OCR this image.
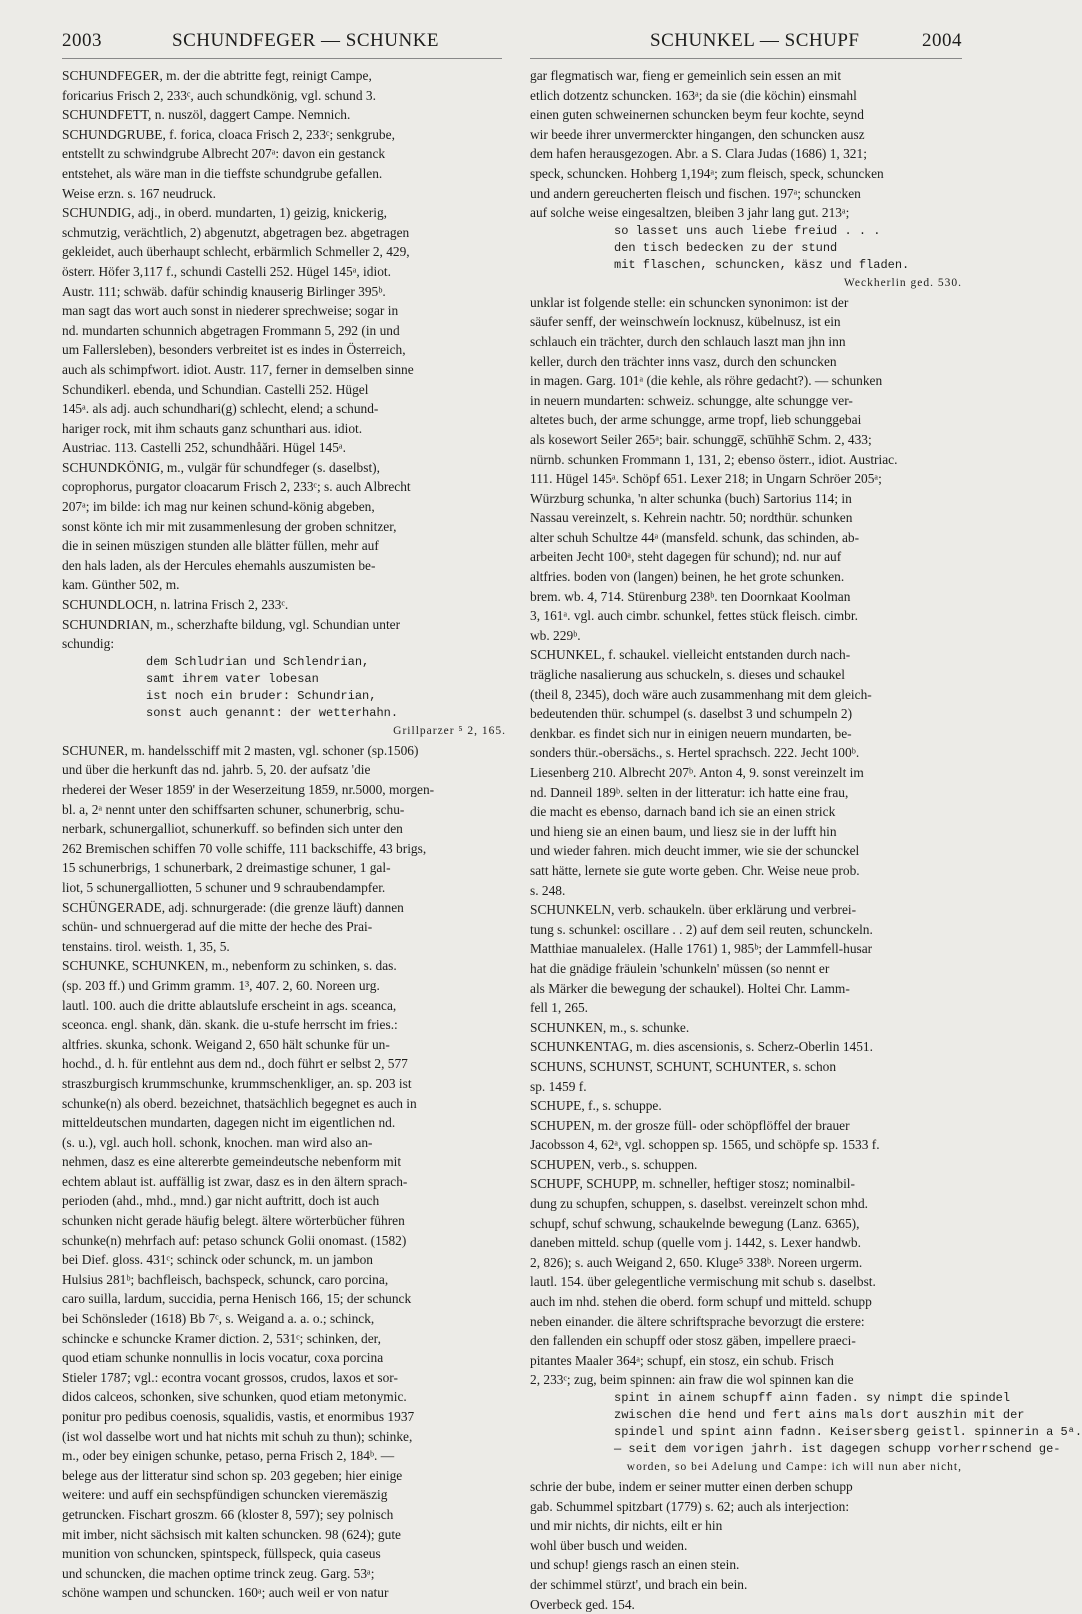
2003	SCHUNDFEGER — SCHUNKE	SCHUNKEL — SCHUPF	2004
SCHUNDFEGER, m. der die abtritte fegt, reinigt Campe,
foricarius Frisch 2, 233ᶜ, auch schundkönig, vgl. schund 3.
SCHUNDFETT, n. nuszöl, daggert Campe. Nemnich.
SCHUNDGRUBE, f. forica, cloaca Frisch 2, 233ᶜ; senkgrube,
entstellt zu schwindgrube Albrecht 207ᵃ: davon ein gestanck
entstehet, als wäre man in die tieffste schundgrube gefallen.
Weise erzn. s. 167 neudruck.
SCHUNDIG, adj., in oberd. mundarten, 1) geizig, knickerig,
schmutzig, verächtlich, 2) abgenutzt, abgetragen bez. abgetragen
gekleidet, auch überhaupt schlecht, erbärmlich Schmeller 2, 429,
österr. Höfer 3,117 f., schundi Castelli 252. Hügel 145ᵃ, idiot.
Austr. 111; schwäb. dafür schindig knauserig Birlinger 395ᵇ.
man sagt das wort auch sonst in niederer sprechweise; sogar in
nd. mundarten schunnich abgetragen Frommann 5, 292 (in und
um Fallersleben), besonders verbreitet ist es indes in Österreich,
auch als schimpfwort. idiot. Austr. 117, ferner in demselben sinne
Schundikerl. ebenda, und Schundian. Castelli 252. Hügel
145ᵃ. als adj. auch schundhari(g) schlecht, elend; a schund-
hariger rock, mit ihm schauts ganz schunthari aus. idiot.
Austriac. 113. Castelli 252, schundhåări. Hügel 145ᵃ.
SCHUNDKÖNIG, m., vulgär für schundfeger (s. daselbst),
coprophorus, purgator cloacarum Frisch 2, 233ᶜ; s. auch Albrecht
207ᵃ; im bilde: ich mag nur keinen schund-könig abgeben,
sonst könte ich mir mit zusammenlesung der groben schnitzer,
die in seinen müszigen stunden alle blätter füllen, mehr auf
den hals laden, als der Hercules ehemahls auszumisten be-
kam. Günther 502, m.
SCHUNDLOCH, n. latrina Frisch 2, 233ᶜ.
SCHUNDRIAN, m., scherzhafte bildung, vgl. Schundian unter
schundig:
dem Schludrian und Schlendrian,
samt ihrem vater lobesan
ist noch ein bruder: Schundrian,
sonst auch genannt: der wetterhahn.
Grillparzer ⁵ 2, 165.
SCHUNER, m. handelsschiff mit 2 masten, vgl. schoner (sp.1506)
und über die herkunft das nd. jahrb. 5, 20. der aufsatz 'die
rhederei der Weser 1859' in der Weserzeitung 1859, nr.5000, morgen-
bl. a, 2ᵃ nennt unter den schiffsarten schuner, schunerbrig, schu-
nerbark, schunergalliot, schunerkuff. so befinden sich unter den
262 Bremischen schiffen 70 volle schiffe, 111 backschiffe, 43 brigs,
15 schunerbrigs, 1 schunerbark, 2 dreimastige schuner, 1 gal-
liot, 5 schunergalliotten, 5 schuner und 9 schraubendampfer.
SCHÜNGERADE, adj. schnurgerade: (die grenze läuft) dannen
schün- und schnuergerad auf die mitte der heche des Prai-
tenstains. tirol. weisth. 1, 35, 5.
SCHUNKE, SCHUNKEN, m., nebenform zu schinken, s. das.
(sp. 203 ff.) und Grimm gramm. 1³, 407. 2, 60. Noreen urg.
lautl. 100. auch die dritte ablautslufe erscheint in ags. sceanca,
sceonca. engl. shank, dän. skank. die u-stufe herrscht im fries.:
altfries. skunka, schonk. Weigand 2, 650 hält schunke für un-
hochd., d. h. für entlehnt aus dem nd., doch führt er selbst 2, 577
straszburgisch krummschunke, krummschenkliger, an. sp. 203 ist
schunke(n) als oberd. bezeichnet, thatsächlich begegnet es auch in
mitteldeutschen mundarten, dagegen nicht im eigentlichen nd.
(s. u.), vgl. auch holl. schonk, knochen. man wird also an-
nehmen, dasz es eine altererbte gemeindeutsche nebenform mit
echtem ablaut ist. auffällig ist zwar, dasz es in den ältern sprach-
perioden (ahd., mhd., mnd.) gar nicht auftritt, doch ist auch
schunken nicht gerade häufig belegt. ältere wörterbücher führen
schunke(n) mehrfach auf: petaso schunck Golii onomast. (1582)
bei Dief. gloss. 431ᶜ; schinck oder schunck, m. un jambon
Hulsius 281ᵇ; bachfleisch, bachspeck, schunck, caro porcina,
caro suilla, lardum, succidia, perna Henisch 166, 15; der schunck
bei Schönsleder (1618) Bb 7ᶜ, s. Weigand a. a. o.; schinck,
schincke e schuncke Kramer diction. 2, 531ᶜ; schinken, der,
quod etiam schunke nonnullis in locis vocatur, coxa porcina
Stieler 1787; vgl.: econtra vocant grossos, crudos, laxos et sor-
didos calceos, schonken, sive schunken, quod etiam metonymic.
ponitur pro pedibus coenosis, squalidis, vastis, et enormibus 1937
(ist wol dasselbe wort und hat nichts mit schuh zu thun); schinke,
m., oder bey einigen schunke, petaso, perna Frisch 2, 184ᵇ. —
belege aus der litteratur sind schon sp. 203 gegeben; hier einige
weitere: und auff ein sechspfündigen schuncken vieremäszig
getruncken. Fischart groszm. 66 (kloster 8, 597); sey polnisch
mit imber, nicht sächsisch mit kalten schuncken. 98 (624); gute
munition von schuncken, spintspeck, füllspeck, quia caseus
und schuncken, die machen optime trinck zeug. Garg. 53ᵃ;
schöne wampen und schuncken. 160ᵃ; auch weil er von natur
gar flegmatisch war, fieng er gemeinlich sein essen an mit
etlich dotzentz schuncken. 163ᵃ; da sie (die köchin) einsmahl
einen guten schweinernen schuncken beym feur kochte, seynd
wir beede ihrer unvermerckter hingangen, den schuncken ausz
dem hafen herausgezogen. Abr. a S. Clara Judas (1686) 1, 321;
speck, schuncken. Hohberg 1,194ᵃ; zum fleisch, speck, schuncken
und andern gereucherten fleisch und fischen. 197ᵃ; schuncken
auf solche weise eingesaltzen, bleiben 3 jahr lang gut. 213ᵃ;
so lasset uns auch liebe freiud . . .
den tisch bedecken zu der stund
mit flaschen, schuncken, käsz und fladen.
Weckherlin ged. 530.
unklar ist folgende stelle: ein schuncken synonimon: ist der
säufer senff, der weinschweín locknusz, kübelnusz, ist ein
schlauch ein trächter, durch den schlauch laszt man jhn inn
keller, durch den trächter inns vasz, durch den schuncken
in magen. Garg. 101ᵃ (die kehle, als röhre gedacht?). — schunken
in neuern mundarten: schweiz. schungge, alte schungge ver-
altetes buch, der arme schungge, arme tropf, lieb schunggebai
als kosewort Seiler 265ᵃ; bair. schungge̅, schu̅hhe̅ Schm. 2, 433;
nürnb. schunken Frommann 1, 131, 2; ebenso österr., idiot. Austriac.
111. Hügel 145ᵃ. Schöpf 651. Lexer 218; in Ungarn Schröer 205ᵃ;
Würzburg schunka, 'n alter schunka (buch) Sartorius 114; in
Nassau vereinzelt, s. Kehrein nachtr. 50; nordthür. schunken
alter schuh Schultze 44ᵃ (mansfeld. schunk, das schinden, ab-
arbeiten Jecht 100ᵃ, steht dagegen für schund); nd. nur auf
altfries. boden von (langen) beinen, he het grote schunken.
brem. wb. 4, 714. Stürenburg 238ᵇ. ten Doornkaat Koolman
3, 161ᵃ. vgl. auch cimbr. schunkel, fettes stück fleisch. cimbr.
wb. 229ᵇ.
SCHUNKEL, f. schaukel. vielleicht entstanden durch nach-
trägliche nasalierung aus schuckeln, s. dieses und schaukel
(theil 8, 2345), doch wäre auch zusammenhang mit dem gleich-
bedeutenden thür. schumpel (s. daselbst 3 und schumpeln 2)
denkbar. es findet sich nur in einigen neuern mundarten, be-
sonders thür.-obersächs., s. Hertel sprachsch. 222. Jecht 100ᵇ.
Liesenberg 210. Albrecht 207ᵇ. Anton 4, 9. sonst vereinzelt im
nd. Danneil 189ᵇ. selten in der litteratur: ich hatte eine frau,
die macht es ebenso, darnach band ich sie an einen strick
und hieng sie an einen baum, und liesz sie in der lufft hin
und wieder fahren. mich deucht immer, wie sie der schunckel
satt hätte, lernete sie gute worte geben. Chr. Weise neue prob.
s. 248.
SCHUNKELN, verb. schaukeln. über erklärung und verbrei-
tung s. schunkel: oscillare . . 2) auf dem seil reuten, schunckeln.
Matthiae manualelex. (Halle 1761) 1, 985ᵇ; der Lammfell-husar
hat die gnädige fräulein 'schunkeln' müssen (so nennt er
als Märker die bewegung der schaukel). Holtei Chr. Lamm-
fell 1, 265.
SCHUNKEN, m., s. schunke.
SCHUNKENTAG, m. dies ascensionis, s. Scherz-Oberlin 1451.
SCHUNS, SCHUNST, SCHUNT, SCHUNTER, s. schon
sp. 1459 f.
SCHUPE, f., s. schuppe.
SCHUPEN, m. der grosze füll- oder schöpflöffel der brauer
Jacobsson 4, 62ᵃ, vgl. schoppen sp. 1565, und schöpfe sp. 1533 f.
SCHUPEN, verb., s. schuppen.
SCHUPF, SCHUPP, m. schneller, heftiger stosz; nominalbil-
dung zu schupfen, schuppen, s. daselbst. vereinzelt schon mhd.
schupf, schuf schwung, schaukelnde bewegung (Lanz. 6365),
daneben mitteld. schup (quelle vom j. 1442, s. Lexer handwb.
2, 826); s. auch Weigand 2, 650. Kluge⁵ 338ᵇ. Noreen urgerm.
lautl. 154. über gelegentliche vermischung mit schub s. daselbst.
auch im nhd. stehen die oberd. form schupf und mitteld. schupp
neben einander. die ältere schriftsprache bevorzugt die erstere:
den fallenden ein schupff oder stosz gäben, impellere praeci-
pitantes Maaler 364ᵃ; schupf, ein stosz, ein schub. Frisch
2, 233ᶜ; zug, beim spinnen: ain fraw die wol spinnen kan die
spint in ainem schupff ainn faden. sy nimpt die spindel
zwischen die hend und fert ains mals dort auszhin mit der
spindel und spint ainn fadnn. Keisersberg geistl. spinnerin a 5ᵃ.
— seit dem vorigen jahrh. ist dagegen schupp vorherrschend ge-
worden, so bei Adelung und Campe: ich will nun aber nicht,
schrie der bube, indem er seiner mutter einen derben schupp
gab. Schummel spitzbart (1779) s. 62; auch als interjection:
und mir nichts, dir nichts, eilt er hin
wohl über busch und weiden.
und schup! giengs rasch an einen stein.
der schimmel stürzt', und brach ein bein.
Overbeck ged. 154.
